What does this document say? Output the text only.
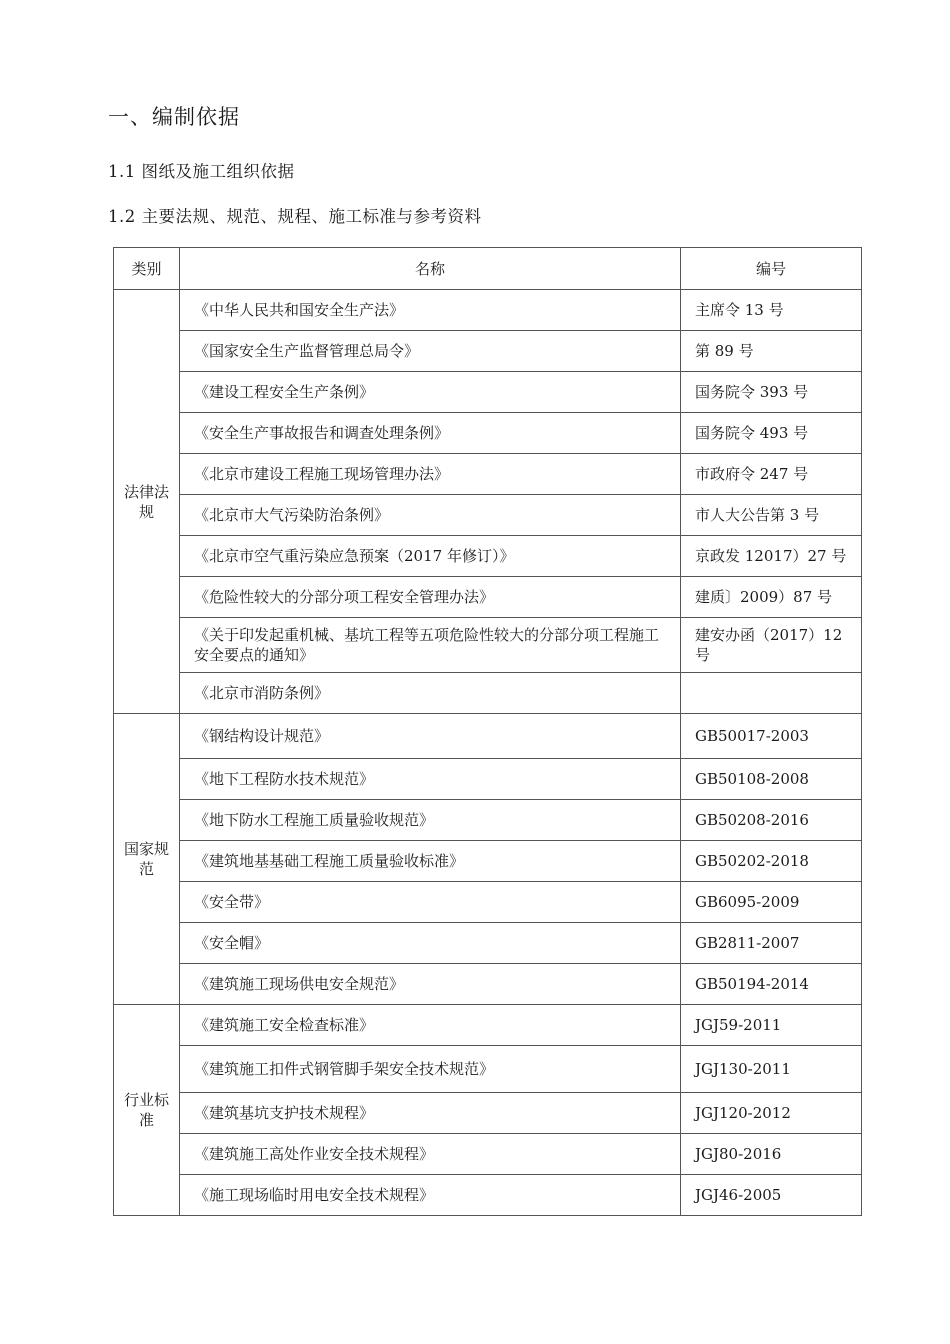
一、编制依据
1.1 图纸及施工组织依据
1.2 主要法规、规范、规程、施工标准与参考资料
类别	名称	编号
法律法规	《中华人民共和国安全生产法》	主席令 13 号
	《国家安全生产监督管理总局令》	第 89 号
	《建设工程安全生产条例》	国务院令 393 号
	《安全生产事故报告和调查处理条例》	国务院令 493 号
	《北京市建设工程施工现场管理办法》	市政府令 247 号
	《北京市大气污染防治条例》	市人大公告第 3 号
	《北京市空气重污染应急预案（2017 年修订）》	京政发 12017）27 号
	《危险性较大的分部分项工程安全管理办法》	建质〕2009）87 号
	《关于印发起重机械、基坑工程等五项危险性较大的分部分项工程施工安全要点的通知》	建安办函（2017）12 号
	《北京市消防条例》	
国家规范	《钢结构设计规范》	GB50017-2003
	《地下工程防水技术规范》	GB50108-2008
	《地下防水工程施工质量验收规范》	GB50208-2016
	《建筑地基基础工程施工质量验收标准》	GB50202-2018
	《安全带》	GB6095-2009
	《安全帽》	GB2811-2007
	《建筑施工现场供电安全规范》	GB50194-2014
行业标准	《建筑施工安全检查标准》	JGJ59-2011
	《建筑施工扣件式钢管脚手架安全技术规范》	JGJ130-2011
	《建筑基坑支护技术规程》	JGJ120-2012
	《建筑施工高处作业安全技术规程》	JGJ80-2016
	《施工现场临时用电安全技术规程》	JGJ46-2005
